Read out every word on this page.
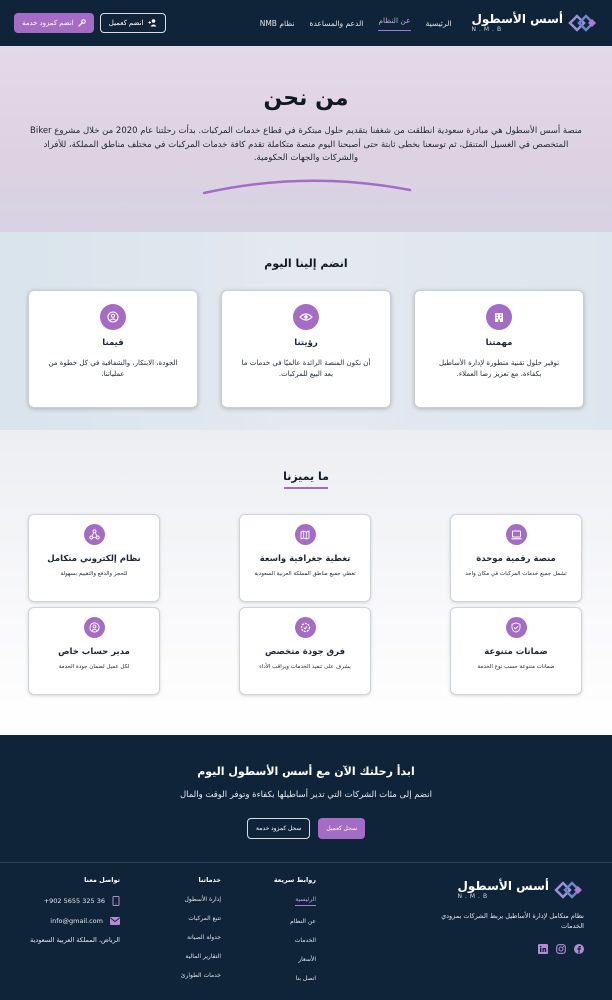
أسس الأسطول
N.M.B
الرئيسية
عن النظام
الدعم والمساعدة
نظام NMB
انضم كعميل
انضم كمزود خدمة
من نحن

منصة أسس الأسطول هي مبادرة سعودية انطلقت من شغفنا بتقديم حلول مبتكرة في قطاع خدمات المركبات. بدأت رحلتنا عام 2020 من خلال مشروع Biker المتخصص في الغسيل المتنقل، ثم توسعنا بخطى ثابتة حتى أصبحنا اليوم منصة متكاملة تقدم كافة خدمات المركبات في مختلف مناطق المملكة، للأفراد والشركات والجهات الحكومية.

انضم إلينا اليوم
مهمتنا
توفير حلول تقنية متطورة لإدارة الأساطيل بكفاءة، مع تعزيز رضا العملاء.
رؤيتنا
أن نكون المنصة الرائدة عالميًا في خدمات ما بعد البيع للمركبات.
قيمنا
الجودة، الابتكار، والشفافية في كل خطوة من عملياتنا.
ما يميزنا
منصة رقمية موحدة
تشمل جميع خدمات المركبات في مكان واحد
تغطية جغرافية واسعة
تغطي جميع مناطق المملكة العربية السعودية
نظام إلكتروني متكامل
للحجز والدفع والتقييم بسهولة
ضمانات متنوعة
ضمانات متنوعة حسب نوع الخدمة
فرق جودة متخصص
يشرف على تنفيذ الخدمات ويراقب الأداء
مدير حساب خاص
لكل عميل لضمان جودة الخدمة
ابدأ رحلتك الآن مع أسس الأسطول اليوم

انضم إلى مئات الشركات التي تدير أساطيلها بكفاءة وتوفر الوقت والمال

سجل كعميل
سجل كمزود خدمة
أسس الأسطول
N.M.B

نظام متكامل لإدارة الأساطيل يربط الشركات بمزودي الخدمات

روابط سريعة
الرئيسية
عن النظام
الخدمات
الأسعار
اتصل بنا
خدماتنا
إدارة الأسطول
تتبع المركبات
جدولة الصيانة
التقارير المالية
خدمات الطوارئ
تواصل معنا
+902 5655 325 36
info@gmail.com
الرياض، المملكة العربية السعودية
